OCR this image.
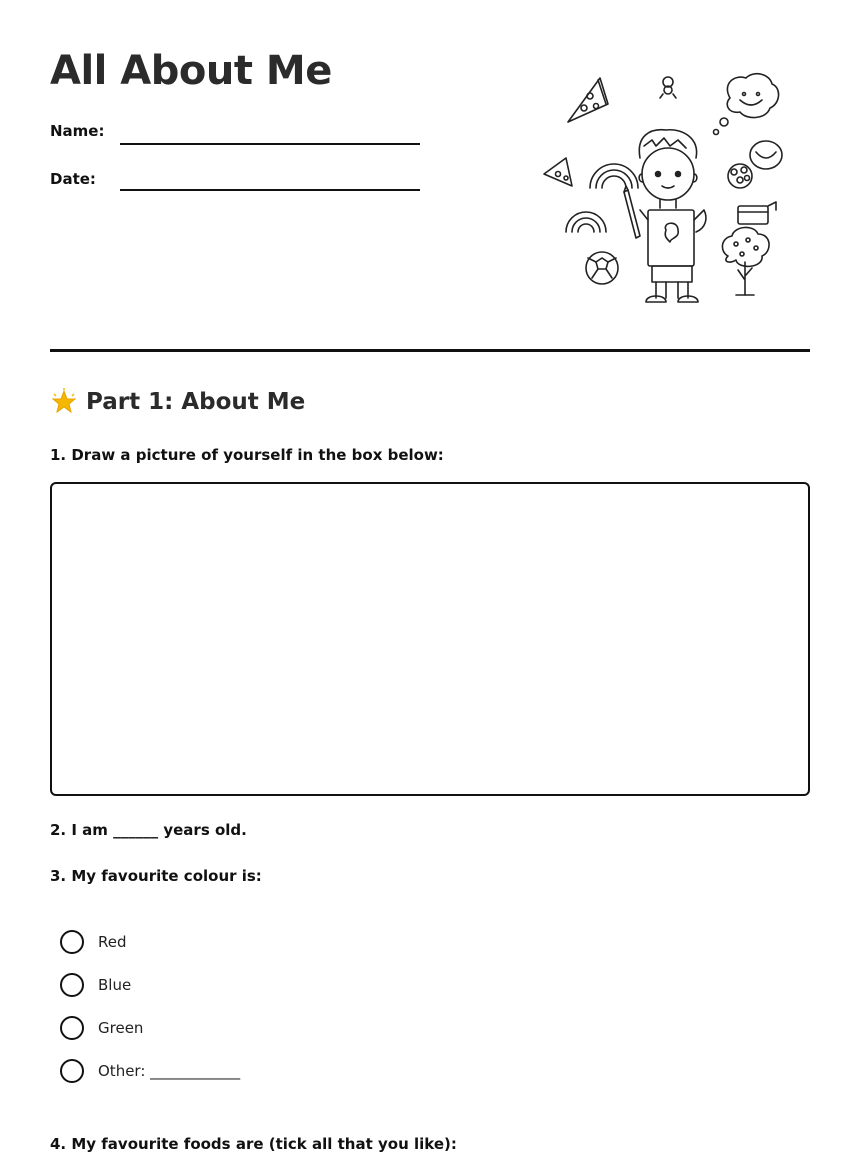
All About Me
Name:
Date:
Part 1: About Me

1. Draw a picture of yourself in the box below:

2. I am ______ years old.

3. My favourite colour is:

Red
Blue
Green
Other: ____________

4. My favourite foods are (tick all that you like):
